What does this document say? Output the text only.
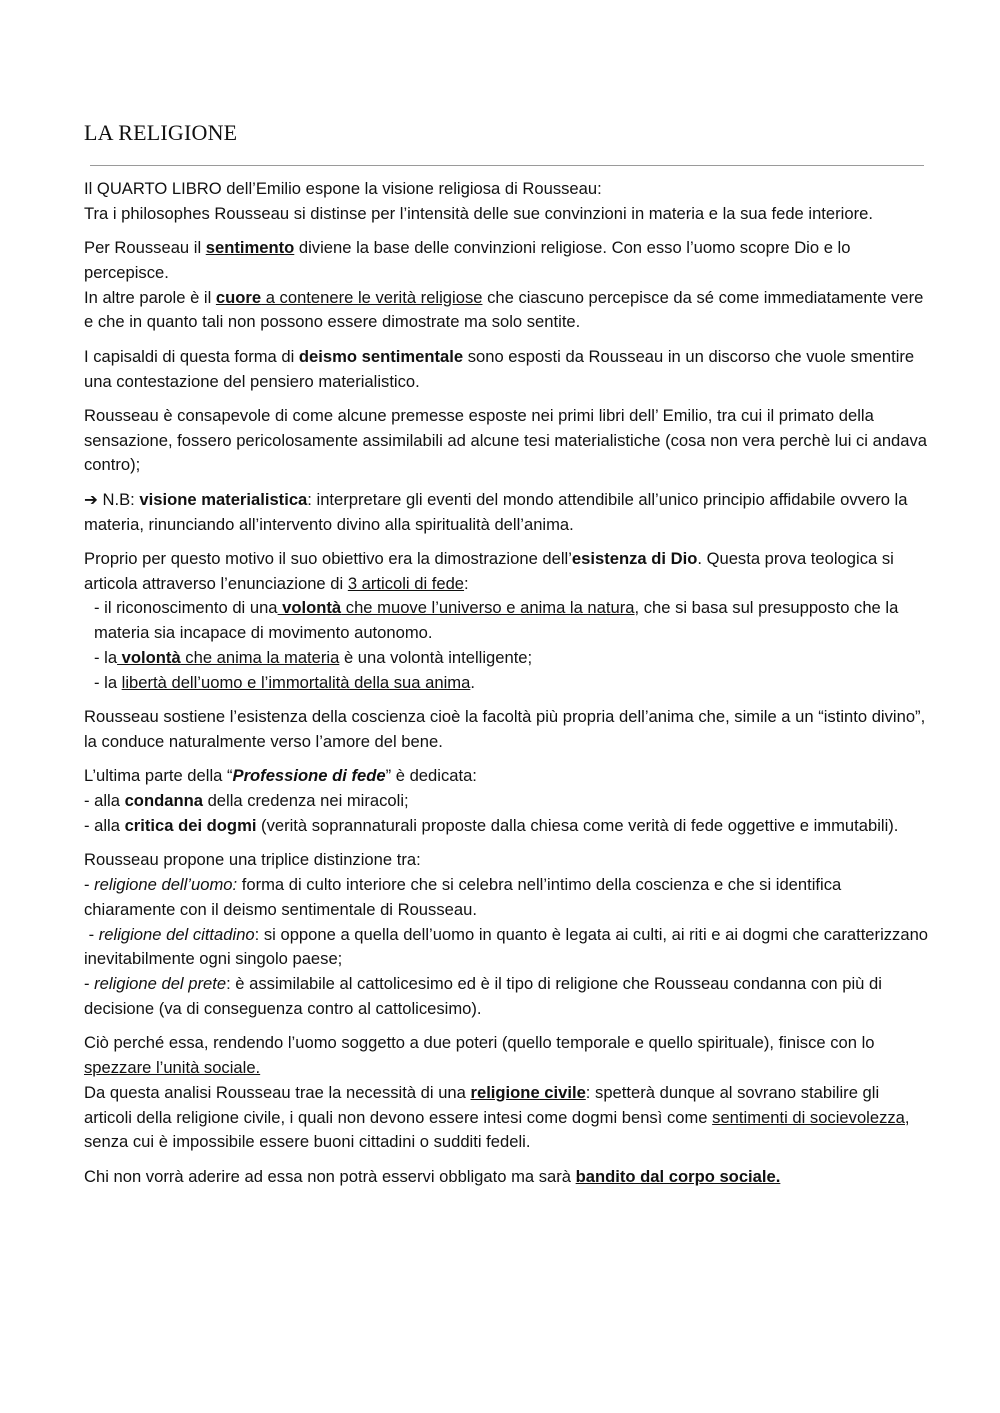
LA RELIGIONE

Il QUARTO LIBRO dell’Emilio espone la visione religiosa di Rousseau:
Tra i philosophes Rousseau si distinse per l’intensità delle sue convinzioni in materia e la sua fede interiore.

Per Rousseau il sentimento diviene la base delle convinzioni religiose. Con esso l’uomo scopre Dio e lo percepisce.
In altre parole è il cuore a contenere le verità religiose che ciascuno percepisce da sé come immediatamente vere e che in quanto tali non possono essere dimostrate ma solo sentite.

I capisaldi di questa forma di deismo sentimentale sono esposti da Rousseau in un discorso che vuole smentire una contestazione del pensiero materialistico.

Rousseau è consapevole di come alcune premesse esposte nei primi libri dell’ Emilio, tra cui il primato della sensazione, fossero pericolosamente assimilabili ad alcune tesi materialistiche (cosa non vera perchè lui ci andava contro);

➔ N.B: visione materialistica: interpretare gli eventi del mondo attendibile all’unico principio affidabile ovvero la materia, rinunciando all’intervento divino alla spiritualità dell’anima.

Proprio per questo motivo il suo obiettivo era la dimostrazione dell’esistenza di Dio. Questa prova teologica si articola attraverso l’enunciazione di 3 articoli di fede:

- il riconoscimento di una volontà che muove l’universo e anima la natura, che si basa sul presupposto che la materia sia incapace di movimento autonomo.
- la volontà che anima la materia è una volontà intelligente;
- la libertà dell’uomo e l’immortalità della sua anima.

Rousseau sostiene l’esistenza della coscienza cioè la facoltà più propria dell’anima che, simile a un “istinto divino”, la conduce naturalmente verso l’amore del bene.

L’ultima parte della “Professione di fede” è dedicata:
- alla condanna della credenza nei miracoli;
- alla critica dei dogmi (verità soprannaturali proposte dalla chiesa come verità di fede oggettive e immutabili).

Rousseau propone una triplice distinzione tra:
- religione dell’uomo: forma di culto interiore che si celebra nell’intimo della coscienza e che si identifica chiaramente con il deismo sentimentale di Rousseau.
- religione del cittadino: si oppone a quella dell’uomo in quanto è legata ai culti, ai riti e ai dogmi che caratterizzano inevitabilmente ogni singolo paese;
- religione del prete: è assimilabile al cattolicesimo ed è il tipo di religione che Rousseau condanna con più di decisione (va di conseguenza contro al cattolicesimo).

Ciò perché essa, rendendo l’uomo soggetto a due poteri (quello temporale e quello spirituale), finisce con lo spezzare l’unità sociale.
Da questa analisi Rousseau trae la necessità di una religione civile: spetterà dunque al sovrano stabilire gli articoli della religione civile, i quali non devono essere intesi come dogmi bensì come sentimenti di socievolezza, senza cui è impossibile essere buoni cittadini o sudditi fedeli.

Chi non vorrà aderire ad essa non potrà esservi obbligato ma sarà bandito dal corpo sociale.
